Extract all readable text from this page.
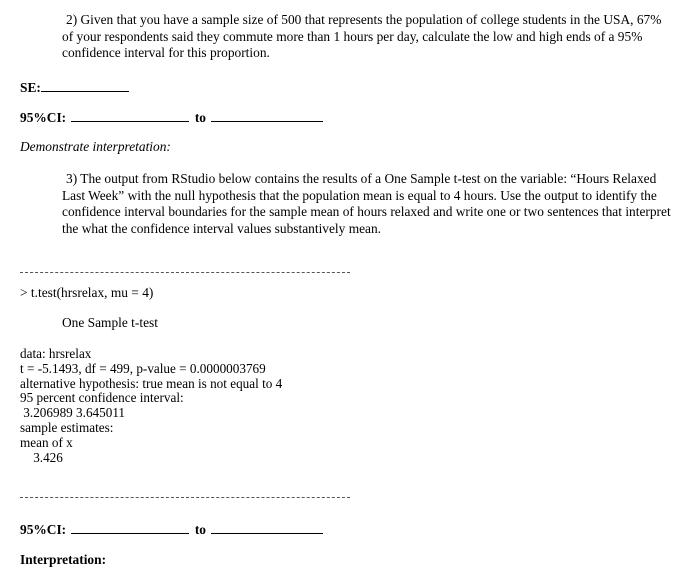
2) Given that you have a sample size of 500 that represents the population of college students in the USA, 67%
of your respondents said they commute more than 1 hours per day, calculate the low and high ends of a 95%
confidence interval for this proportion.
SE:
95%CI:	to
Demonstrate interpretation:
3) The output from RStudio below contains the results of a One Sample t-test on the variable: “Hours Relaxed
Last Week” with the null hypothesis that the population mean is equal to 4 hours. Use the output to identify the
confidence interval boundaries for the sample mean of hours relaxed and write one or two sentences that interpret
the what the confidence interval values substantively mean.
> t.test(hrsrelax, mu = 4)
One Sample t-test
data: hrsrelax
t = -5.1493, df = 499, p-value = 0.0000003769
alternative hypothesis: true mean is not equal to 4
95 percent confidence interval:
3.206989 3.645011
sample estimates:
mean of x
3.426
95%CI:	to
Interpretation:
